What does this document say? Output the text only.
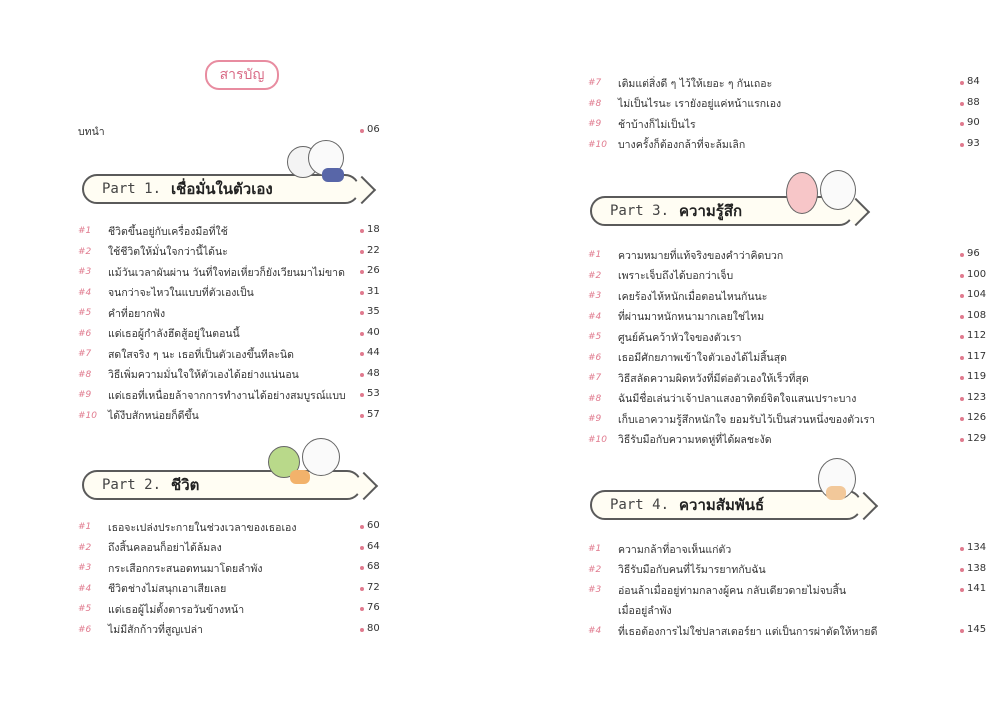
สารบัญ
บทนำ	06
Part 1. เชื่อมั่นในตัวเอง
#1	ชีวิตขึ้นอยู่กับเครื่องมือที่ใช้	18
#2	ใช้ชีวิตให้มั่นใจกว่านี้ได้นะ	22
#3	แม้วันเวลาผันผ่าน วันที่ใจท่อเหี่ยวก็ยังเวียนมาไม่ขาด 26
#4	จนกว่าจะไหวในแบบที่ตัวเองเป็น	31
#5	คำที่อยากฟัง	35
#6	แด่เธอผู้กำลังฮึดสู้อยู่ในตอนนี้	40
#7	สดใสจริง ๆ นะ เธอที่เป็นตัวเองขึ้นทีละนิด	44
#8	วิธีเพิ่มความมั่นใจให้ตัวเองได้อย่างแน่นอน	48
#9	แด่เธอที่เหนื่อยล้าจากการทำงานได้อย่างสมบูรณ์แบบ 53
#10	ได้งีบสักหน่อยก็ดีขึ้น	57
Part 2. ชีวิต
#1	เธอจะเปล่งประกายในช่วงเวลาของเธอเอง	60
#2	ถึงสิ้นคลอนก็อย่าได้ล้มลง	64
#3	กระเสือกกระสนอดทนมาโดยลำพัง	68
#4	ชีวิตช่างไม่สนุกเอาเสียเลย	72
#5	แด่เธอผู้ไม่ตั้งตารอวันข้างหน้า	76
#6	ไม่มีสักก้าวที่สูญเปล่า	80
#7	เติมแต่สิ่งดี ๆ ไว้ให้เยอะ ๆ กันเถอะ	84
#8	ไม่เป็นไรนะ เรายังอยู่แค่หน้าแรกเอง	88
#9	ช้าบ้างก็ไม่เป็นไร	90
#10	บางครั้งก็ต้องกล้าที่จะล้มเลิก	93
Part 3. ความรู้สึก
#1	ความหมายที่แท้จริงของคำว่าคิดบวก	96
#2	เพราะเจ็บถึงได้บอกว่าเจ็บ	100
#3	เคยร้องไห้หนักเมื่อตอนไหนกันนะ	104
#4	ที่ผ่านมาหนักหนามากเลยใช่ไหม	108
#5	ศูนย์ค้นคว้าหัวใจของตัวเรา	112
#6	เธอมีศักยภาพเข้าใจตัวเองได้ไม่สิ้นสุด	117
#7	วิธีสลัดความผิดหวังที่มีต่อตัวเองให้เร็วที่สุด	119
#8	ฉันมีชื่อเล่นว่าเจ้าปลาแสงอาทิตย์จิตใจแสนเปราะบาง	123
#9	เก็บเอาความรู้สึกหนักใจ ยอมรับไว้เป็นส่วนหนึ่งของตัวเรา	126
#10	วิธีรับมือกับความหดหู่ที่ได้ผลชะงัด	129
Part 4. ความสัมพันธ์
#1	ความกล้าที่อาจเห็นแก่ตัว	134
#2	วิธีรับมือกับคนที่ไร้มารยาทกับฉัน	138
#3	อ่อนล้าเมื่ออยู่ท่ามกลางผู้คน กลับเดียวดายไม่จบสิ้น	141
เมื่ออยู่ลำพัง
#4	ที่เธอต้องการไม่ใช่ปลาสเตอร์ยา แต่เป็นการผ่าตัดให้หายดี	145
